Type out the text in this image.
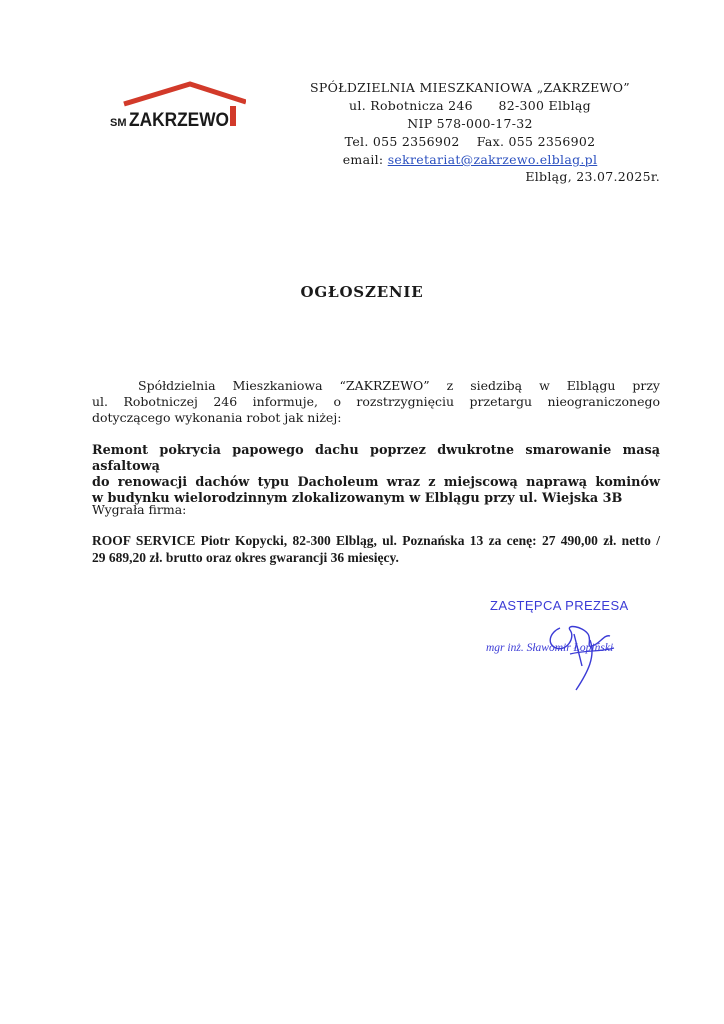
SM ZAKRZEWO
SPÓŁDZIELNIA MIESZKANIOWA „ZAKRZEWO”
ul. Robotnicza 246      82-300 Elbląg
NIP 578-000-17-32
Tel. 055 2356902    Fax. 055 2356902
email: sekretariat@zakrzewo.elblag.pl
Elbląg, 23.07.2025r.
OGŁOSZENIE
Spółdzielnia Mieszkaniowa “ZAKRZEWO” z siedzibą w Elblągu przy
ul. Robotniczej 246 informuje, o rozstrzygnięciu przetargu nieograniczonego
dotyczącego wykonania robot jak niżej:
Remont pokrycia papowego dachu poprzez dwukrotne smarowanie masą asfaltową
do renowacji dachów typu Dacholeum wraz z miejscową naprawą kominów
w budynku wielorodzinnym zlokalizowanym w Elblągu przy ul. Wiejska 3B
Wygrała firma:
ROOF SERVICE Piotr Kopycki, 82-300 Elbląg, ul. Poznańska 13 za cenę: 27 490,00 zł. netto /
29 689,20 zł. brutto oraz okres gwarancji 36 miesięcy.
ZASTĘPCA PREZESA
mgr inż. Sławomir Łopiński
